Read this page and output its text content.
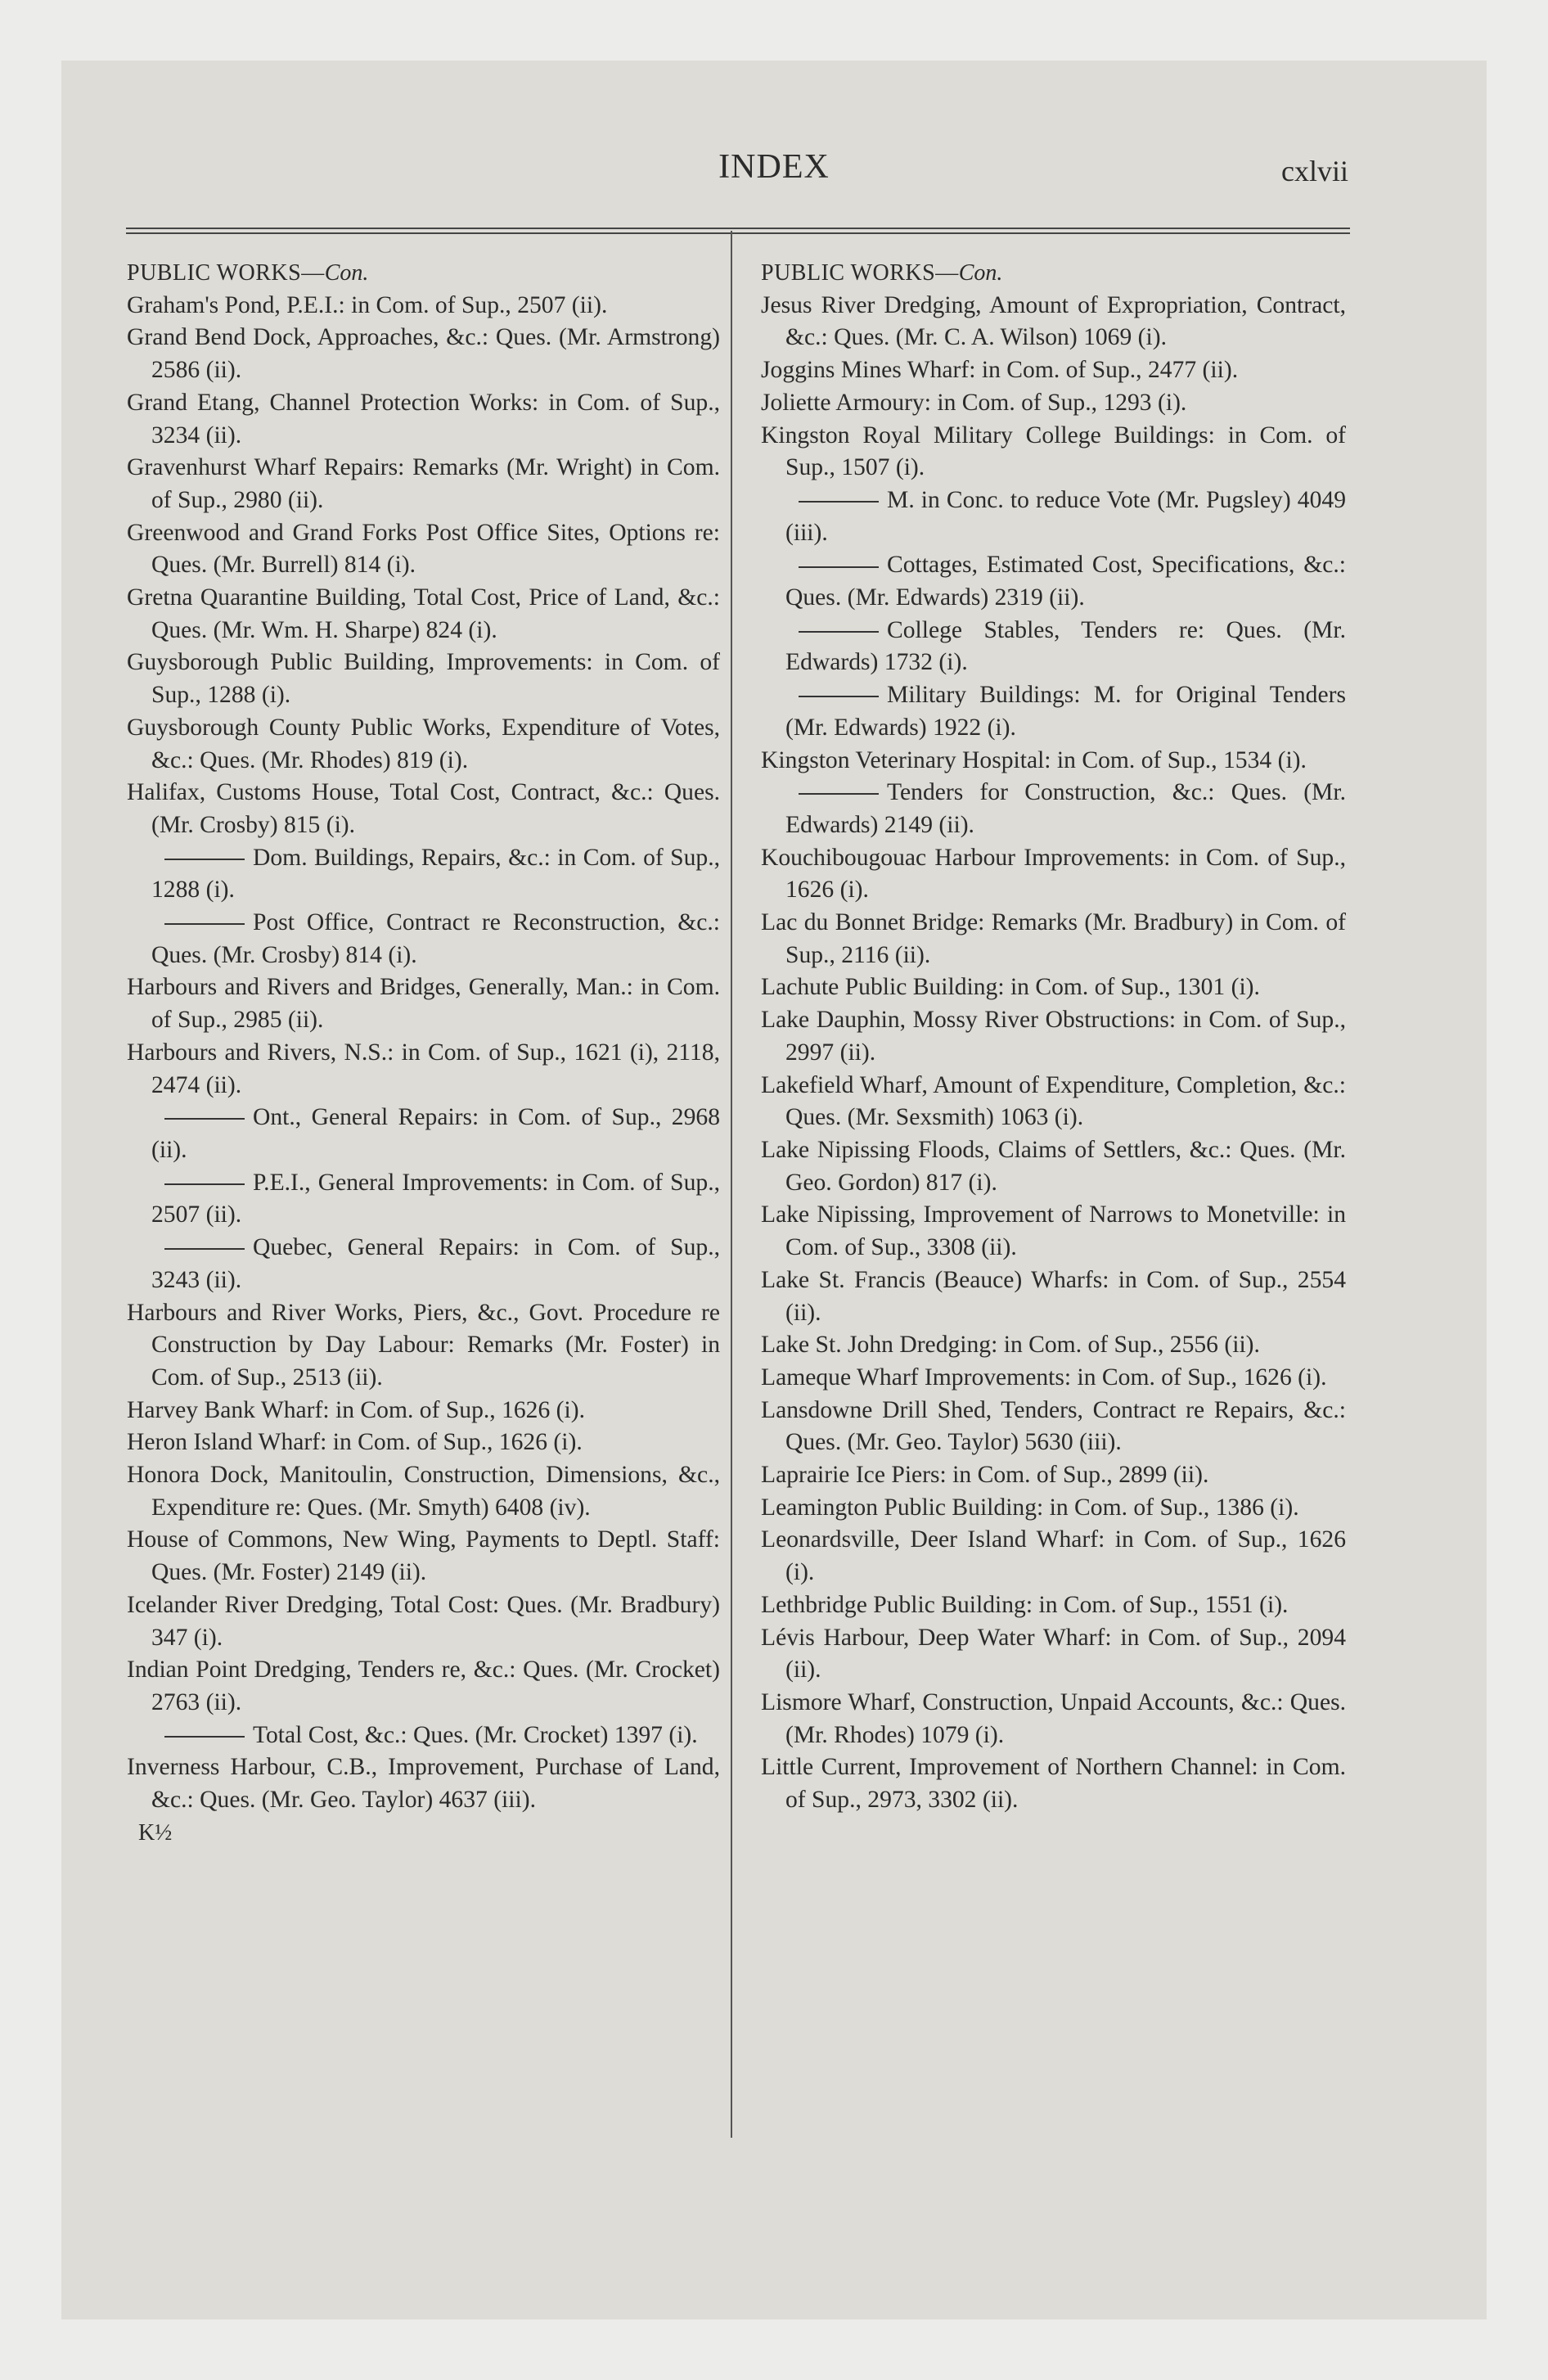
INDEX	cxlvii

PUBLIC WORKS—Con.

Graham's Pond, P.E.I.: in Com. of Sup., 2507 (ii).

Grand Bend Dock, Approaches, &c.: Ques. (Mr. Armstrong) 2586 (ii).

Grand Etang, Channel Protection Works: in Com. of Sup., 3234 (ii).

Gravenhurst Wharf Repairs: Remarks (Mr. Wright) in Com. of Sup., 2980 (ii).

Greenwood and Grand Forks Post Office Sites, Options re: Ques. (Mr. Burrell) 814 (i).

Gretna Quarantine Building, Total Cost, Price of Land, &c.: Ques. (Mr. Wm. H. Sharpe) 824 (i).

Guysborough Public Building, Improvements: in Com. of Sup., 1288 (i).

Guysborough County Public Works, Expenditure of Votes, &c.: Ques. (Mr. Rhodes) 819 (i).

Halifax, Customs House, Total Cost, Contract, &c.: Ques. (Mr. Crosby) 815 (i).

Dom. Buildings, Repairs, &c.: in Com. of Sup., 1288 (i).

Post Office, Contract re Reconstruction, &c.: Ques. (Mr. Crosby) 814 (i).

Harbours and Rivers and Bridges, Generally, Man.: in Com. of Sup., 2985 (ii).

Harbours and Rivers, N.S.: in Com. of Sup., 1621 (i), 2118, 2474 (ii).

Ont., General Repairs: in Com. of Sup., 2968 (ii).

P.E.I., General Improvements: in Com. of Sup., 2507 (ii).

Quebec, General Repairs: in Com. of Sup., 3243 (ii).

Harbours and River Works, Piers, &c., Govt. Procedure re Construction by Day Labour: Remarks (Mr. Foster) in Com. of Sup., 2513 (ii).

Harvey Bank Wharf: in Com. of Sup., 1626 (i).

Heron Island Wharf: in Com. of Sup., 1626 (i).

Honora Dock, Manitoulin, Construction, Dimensions, &c., Expenditure re: Ques. (Mr. Smyth) 6408 (iv).

House of Commons, New Wing, Payments to Deptl. Staff: Ques. (Mr. Foster) 2149 (ii).

Icelander River Dredging, Total Cost: Ques. (Mr. Bradbury) 347 (i).

Indian Point Dredging, Tenders re, &c.: Ques. (Mr. Crocket) 2763 (ii).

Total Cost, &c.: Ques. (Mr. Crocket) 1397 (i).

Inverness Harbour, C.B., Improvement, Purchase of Land, &c.: Ques. (Mr. Geo. Taylor) 4637 (iii).

K½

PUBLIC WORKS—Con.

Jesus River Dredging, Amount of Expropriation, Contract, &c.: Ques. (Mr. C. A. Wilson) 1069 (i).

Joggins Mines Wharf: in Com. of Sup., 2477 (ii).

Joliette Armoury: in Com. of Sup., 1293 (i).

Kingston Royal Military College Buildings: in Com. of Sup., 1507 (i).

M. in Conc. to reduce Vote (Mr. Pugsley) 4049 (iii).

Cottages, Estimated Cost, Specifications, &c.: Ques. (Mr. Edwards) 2319 (ii).

College Stables, Tenders re: Ques. (Mr. Edwards) 1732 (i).

Military Buildings: M. for Original Tenders (Mr. Edwards) 1922 (i).

Kingston Veterinary Hospital: in Com. of Sup., 1534 (i).

Tenders for Construction, &c.: Ques. (Mr. Edwards) 2149 (ii).

Kouchibougouac Harbour Improvements: in Com. of Sup., 1626 (i).

Lac du Bonnet Bridge: Remarks (Mr. Bradbury) in Com. of Sup., 2116 (ii).

Lachute Public Building: in Com. of Sup., 1301 (i).

Lake Dauphin, Mossy River Obstructions: in Com. of Sup., 2997 (ii).

Lakefield Wharf, Amount of Expenditure, Completion, &c.: Ques. (Mr. Sexsmith) 1063 (i).

Lake Nipissing Floods, Claims of Settlers, &c.: Ques. (Mr. Geo. Gordon) 817 (i).

Lake Nipissing, Improvement of Narrows to Monetville: in Com. of Sup., 3308 (ii).

Lake St. Francis (Beauce) Wharfs: in Com. of Sup., 2554 (ii).

Lake St. John Dredging: in Com. of Sup., 2556 (ii).

Lameque Wharf Improvements: in Com. of Sup., 1626 (i).

Lansdowne Drill Shed, Tenders, Contract re Repairs, &c.: Ques. (Mr. Geo. Taylor) 5630 (iii).

Laprairie Ice Piers: in Com. of Sup., 2899 (ii).

Leamington Public Building: in Com. of Sup., 1386 (i).

Leonardsville, Deer Island Wharf: in Com. of Sup., 1626 (i).

Lethbridge Public Building: in Com. of Sup., 1551 (i).

Lévis Harbour, Deep Water Wharf: in Com. of Sup., 2094 (ii).

Lismore Wharf, Construction, Unpaid Accounts, &c.: Ques. (Mr. Rhodes) 1079 (i).

Little Current, Improvement of Northern Channel: in Com. of Sup., 2973, 3302 (ii).
